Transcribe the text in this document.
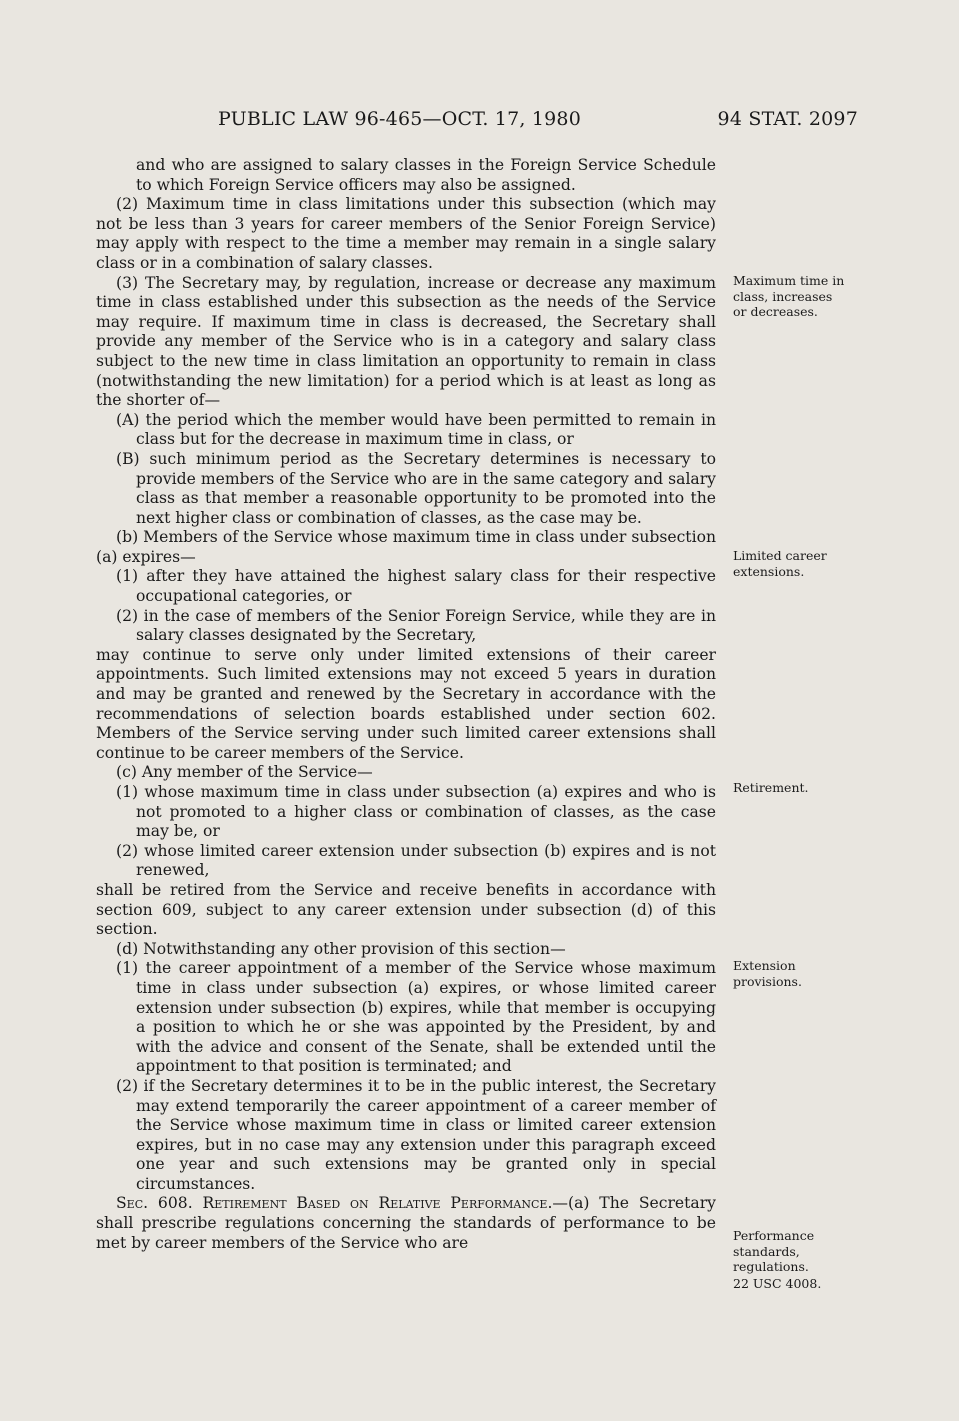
PUBLIC LAW 96-465—OCT. 17, 1980	94 STAT. 2097

and who are assigned to salary classes in the Foreign Service Schedule to which Foreign Service officers may also be assigned.

(2) Maximum time in class limitations under this subsection (which may not be less than 3 years for career members of the Senior Foreign Service) may apply with respect to the time a member may remain in a single salary class or in a combination of salary classes.

(3) The Secretary may, by regulation, increase or decrease any maximum time in class established under this subsection as the needs of the Service may require. If maximum time in class is decreased, the Secretary shall provide any member of the Service who is in a category and salary class subject to the new time in class limitation an opportunity to remain in class (notwithstanding the new limitation) for a period which is at least as long as the shorter of—

(A) the period which the member would have been permitted to remain in class but for the decrease in maximum time in class, or

(B) such minimum period as the Secretary determines is necessary to provide members of the Service who are in the same category and salary class as that member a reasonable opportunity to be promoted into the next higher class or combination of classes, as the case may be.

(b) Members of the Service whose maximum time in class under subsection (a) expires—

(1) after they have attained the highest salary class for their respective occupational categories, or

(2) in the case of members of the Senior Foreign Service, while they are in salary classes designated by the Secretary,

may continue to serve only under limited extensions of their career appointments. Such limited extensions may not exceed 5 years in duration and may be granted and renewed by the Secretary in accordance with the recommendations of selection boards established under section 602. Members of the Service serving under such limited career extensions shall continue to be career members of the Service.

(c) Any member of the Service—

(1) whose maximum time in class under subsection (a) expires and who is not promoted to a higher class or combination of classes, as the case may be, or

(2) whose limited career extension under subsection (b) expires and is not renewed,

shall be retired from the Service and receive benefits in accordance with section 609, subject to any career extension under subsection (d) of this section.

(d) Notwithstanding any other provision of this section—

(1) the career appointment of a member of the Service whose maximum time in class under subsection (a) expires, or whose limited career extension under subsection (b) expires, while that member is occupying a position to which he or she was appointed by the President, by and with the advice and consent of the Senate, shall be extended until the appointment to that position is terminated; and

(2) if the Secretary determines it to be in the public interest, the Secretary may extend temporarily the career appointment of a career member of the Service whose maximum time in class or limited career extension expires, but in no case may any extension under this paragraph exceed one year and such extensions may be granted only in special circumstances.

Sec. 608. Retirement Based on Relative Performance.—(a) The Secretary shall prescribe regulations concerning the standards of performance to be met by career members of the Service who are

Maximum time in class, increases or decreases.
Limited career extensions.
Retirement.
Extension provisions.
Performance standards, regulations.
22 USC 4008.
